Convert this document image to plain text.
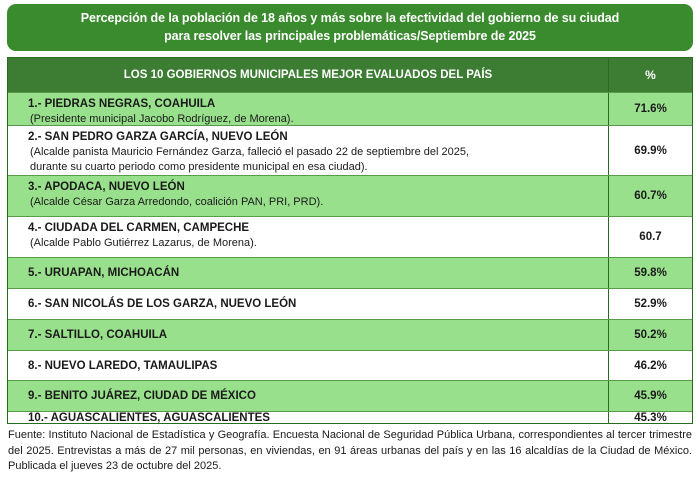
Percepción de la población de 18 años y más sobre la efectividad del gobierno de su ciudad
para resolver las principales problemáticas/Septiembre de 2025
LOS 10 GOBIERNOS MUNICIPALES MEJOR EVALUADOS DEL PAÍS	%
1.- PIEDRAS NEGRAS, COAHUILA
(Presidente municipal Jacobo Rodríguez, de Morena).
71.6%
2.- SAN PEDRO GARZA GARCÍA, NUEVO LEÓN
(Alcalde panista Mauricio Fernández Garza, falleció el pasado 22 de septiembre del 2025,
durante su cuarto periodo como presidente municipal en esa ciudad).
69.9%
3.- APODACA, NUEVO LEÓN
(Alcalde César Garza Arredondo, coalición PAN, PRI, PRD).	60.7%
4.- CIUDADA DEL CARMEN, CAMPECHE
(Alcalde Pablo Gutiérrez Lazarus, de Morena).	60.7
5.- URUAPAN, MICHOACÁN	59.8%
6.- SAN NICOLÁS DE LOS GARZA, NUEVO LEÓN	52.9%
7.- SALTILLO, COAHUILA	50.2%
8.- NUEVO LAREDO, TAMAULIPAS	46.2%
9.- BENITO JUÁREZ, CIUDAD DE MÉXICO	45.9%
10.- AGUASCALIENTES, AGUASCALIENTES	45.3%
Fuente: Instituto Nacional de Estadística y Geografía. Encuesta Nacional de Seguridad Pública Urbana, correspondientes al tercer trimestre del 2025. Entrevistas a más de 27 mil personas, en viviendas, en 91 áreas urbanas del país y en las 16 alcaldías de la Ciudad de México. Publicada el jueves 23 de octubre del 2025.
